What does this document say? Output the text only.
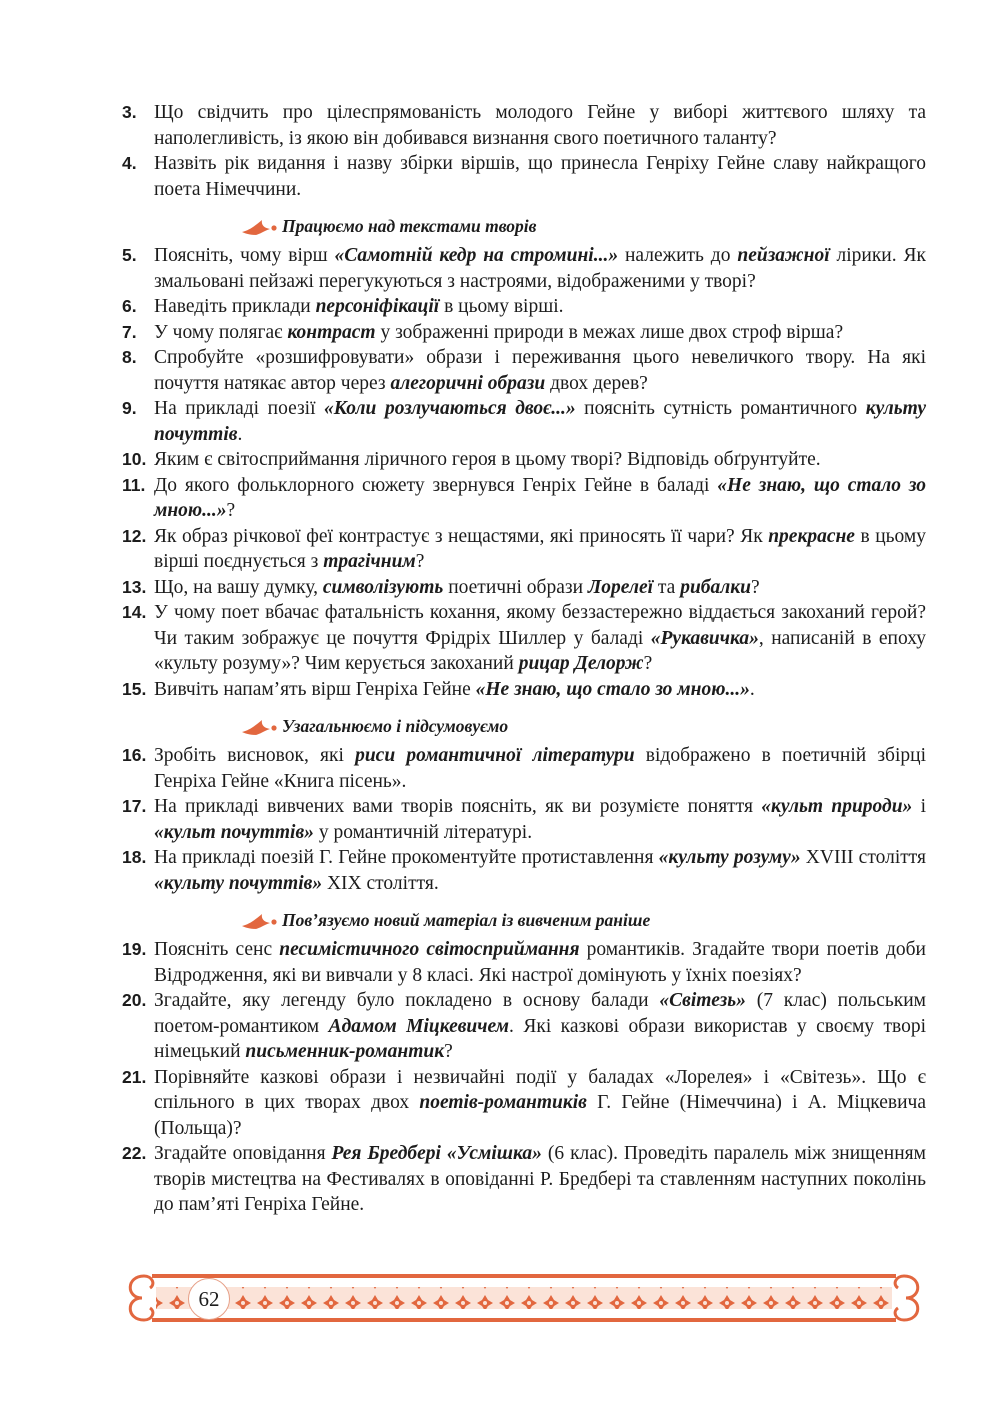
3. Що свідчить про цілеспрямованість молодого Гейне у виборі життєвого шляху та наполегливість, із якою він добивався визнання свого поетичного таланту?
4. Назвіть рік видання і назву збірки віршів, що принесла Генріху Гейне славу найкращого поета Німеччини.
Працюємо над текстами творів
5. Поясніть, чому вірш «Самотній кедр на стромині...» належить до пейзажної лірики. Як змальовані пейзажі перегукуються з настроями, відображеними у творі?
6. Наведіть приклади персоніфікації в цьому вірші.
7. У чому полягає контраст у зображенні природи в межах лише двох строф вірша?
8. Спробуйте «розшифровувати» образи і переживання цього невеличкого твору. На які почуття натякає автор через алегоричні образи двох дерев?
9. На прикладі поезії «Коли розлучаються двоє...» поясніть сутність романтичного культу почуттів.
10. Яким є світосприймання ліричного героя в цьому творі? Відповідь обґрунтуйте.
11. До якого фольклорного сюжету звернувся Генріх Гейне в баладі «Не знаю, що стало зо мною...»?
12. Як образ річкової феї контрастує з нещастями, які приносять її чари? Як прекрасне в цьому вірші поєднується з трагічним?
13. Що, на вашу думку, символізують поетичні образи Лорелеї та рибалки?
14. У чому поет вбачає фатальність кохання, якому беззастережно віддається закоханий герой? Чи таким зображує це почуття Фрідріх Шиллер у баладі «Рукавичка», написаній в епоху «культу розуму»? Чим керується закоханий рицар Делорж?
15. Вивчіть напам’ять вірш Генріха Гейне «Не знаю, що стало зо мною...».
Узагальнюємо і підсумовуємо
16. Зробіть висновок, які риси романтичної літератури відображено в поетичній збірці Генріха Гейне «Книга пісень».
17. На прикладі вивчених вами творів поясніть, як ви розумієте поняття «культ природи» і «культ почуттів» у романтичній літературі.
18. На прикладі поезій Г. Гейне прокоментуйте протиставлення «культу розуму» XVIII століття «культу почуттів» XIX століття.
Пов’язуємо новий матеріал із вивченим раніше
19. Поясніть сенс песимістичного світосприймання романтиків. Згадайте твори поетів доби Відродження, які ви вивчали у 8 класі. Які настрої домінують у їхніх поезіях?
20. Згадайте, яку легенду було покладено в основу балади «Світезь» (7 клас) польським поетом-романтиком Адамом Міцкевичем. Які казкові образи використав у своєму творі німецький письменник-романтик?
21. Порівняйте казкові образи і незвичайні події у баладах «Лорелея» і «Світезь». Що є спільного в цих творах двох поетів-романтиків Г. Гейне (Німеччина) і А. Міцкевича (Польща)?
22. Згадайте оповідання Рея Бредбері «Усмішка» (6 клас). Проведіть паралель між знищенням творів мистецтва на Фестивалях в оповіданні Р. Бредбері та ставленням наступних поколінь до пам’яті Генріха Гейне.
62
